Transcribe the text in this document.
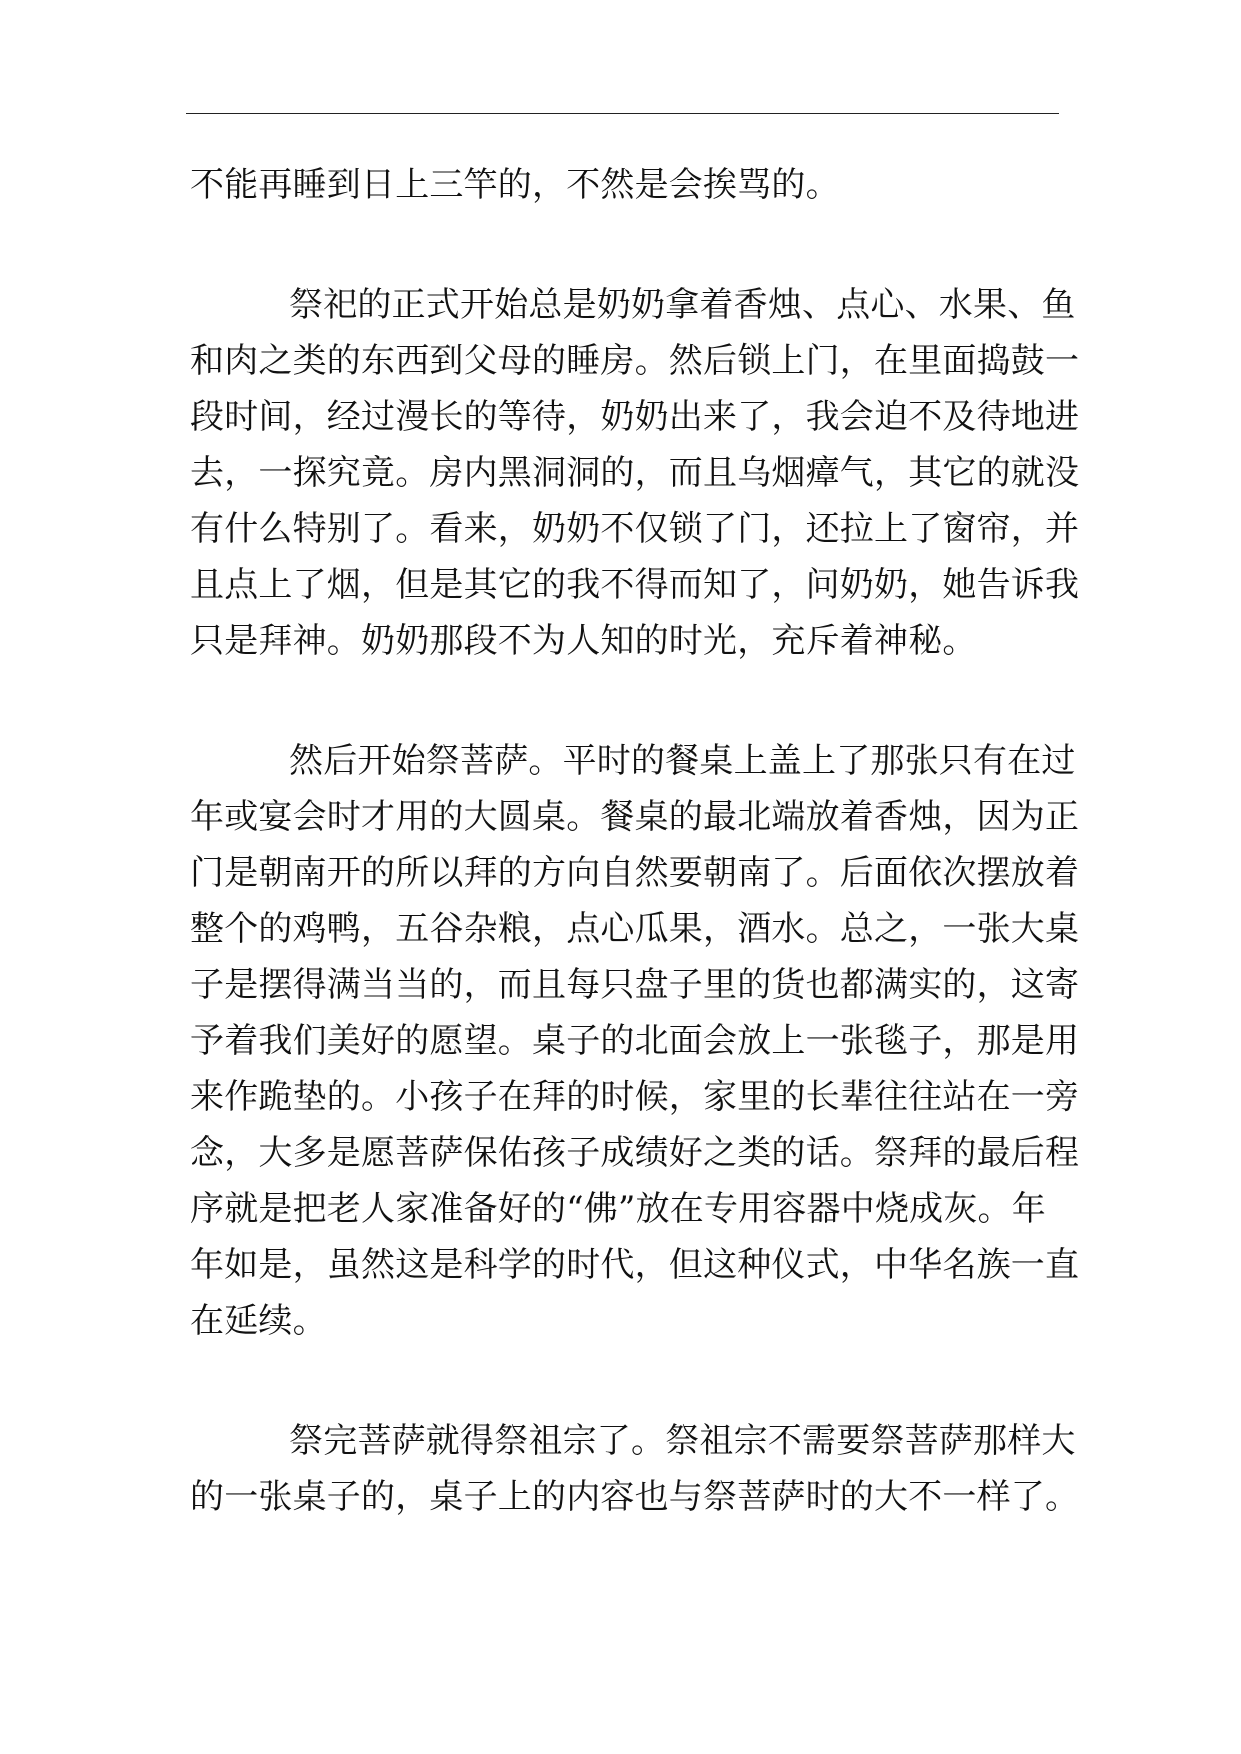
不能再睡到日上三竿的，不然是会挨骂的。

祭祀的正式开始总是奶奶拿着香烛、点心、水果、鱼

和肉之类的东西到父母的睡房。然后锁上门，在里面捣鼓一

段时间，经过漫长的等待，奶奶出来了，我会迫不及待地进

去，一探究竟。房内黑洞洞的，而且乌烟瘴气，其它的就没

有什么特别了。看来，奶奶不仅锁了门，还拉上了窗帘，并

且点上了烟，但是其它的我不得而知了，问奶奶，她告诉我

只是拜神。奶奶那段不为人知的时光，充斥着神秘。

然后开始祭菩萨。平时的餐桌上盖上了那张只有在过

年或宴会时才用的大圆桌。餐桌的最北端放着香烛，因为正

门是朝南开的所以拜的方向自然要朝南了。后面依次摆放着

整个的鸡鸭，五谷杂粮，点心瓜果，酒水。总之，一张大桌

子是摆得满当当的，而且每只盘子里的货也都满实的，这寄

予着我们美好的愿望。桌子的北面会放上一张毯子，那是用

来作跪垫的。小孩子在拜的时候，家里的长辈往往站在一旁

念，大多是愿菩萨保佑孩子成绩好之类的话。祭拜的最后程

序就是把老人家准备好的“佛”放在专用容器中烧成灰。年

年如是，虽然这是科学的时代，但这种仪式，中华名族一直

在延续。

祭完菩萨就得祭祖宗了。祭祖宗不需要祭菩萨那样大

的一张桌子的，桌子上的内容也与祭菩萨时的大不一样了。
